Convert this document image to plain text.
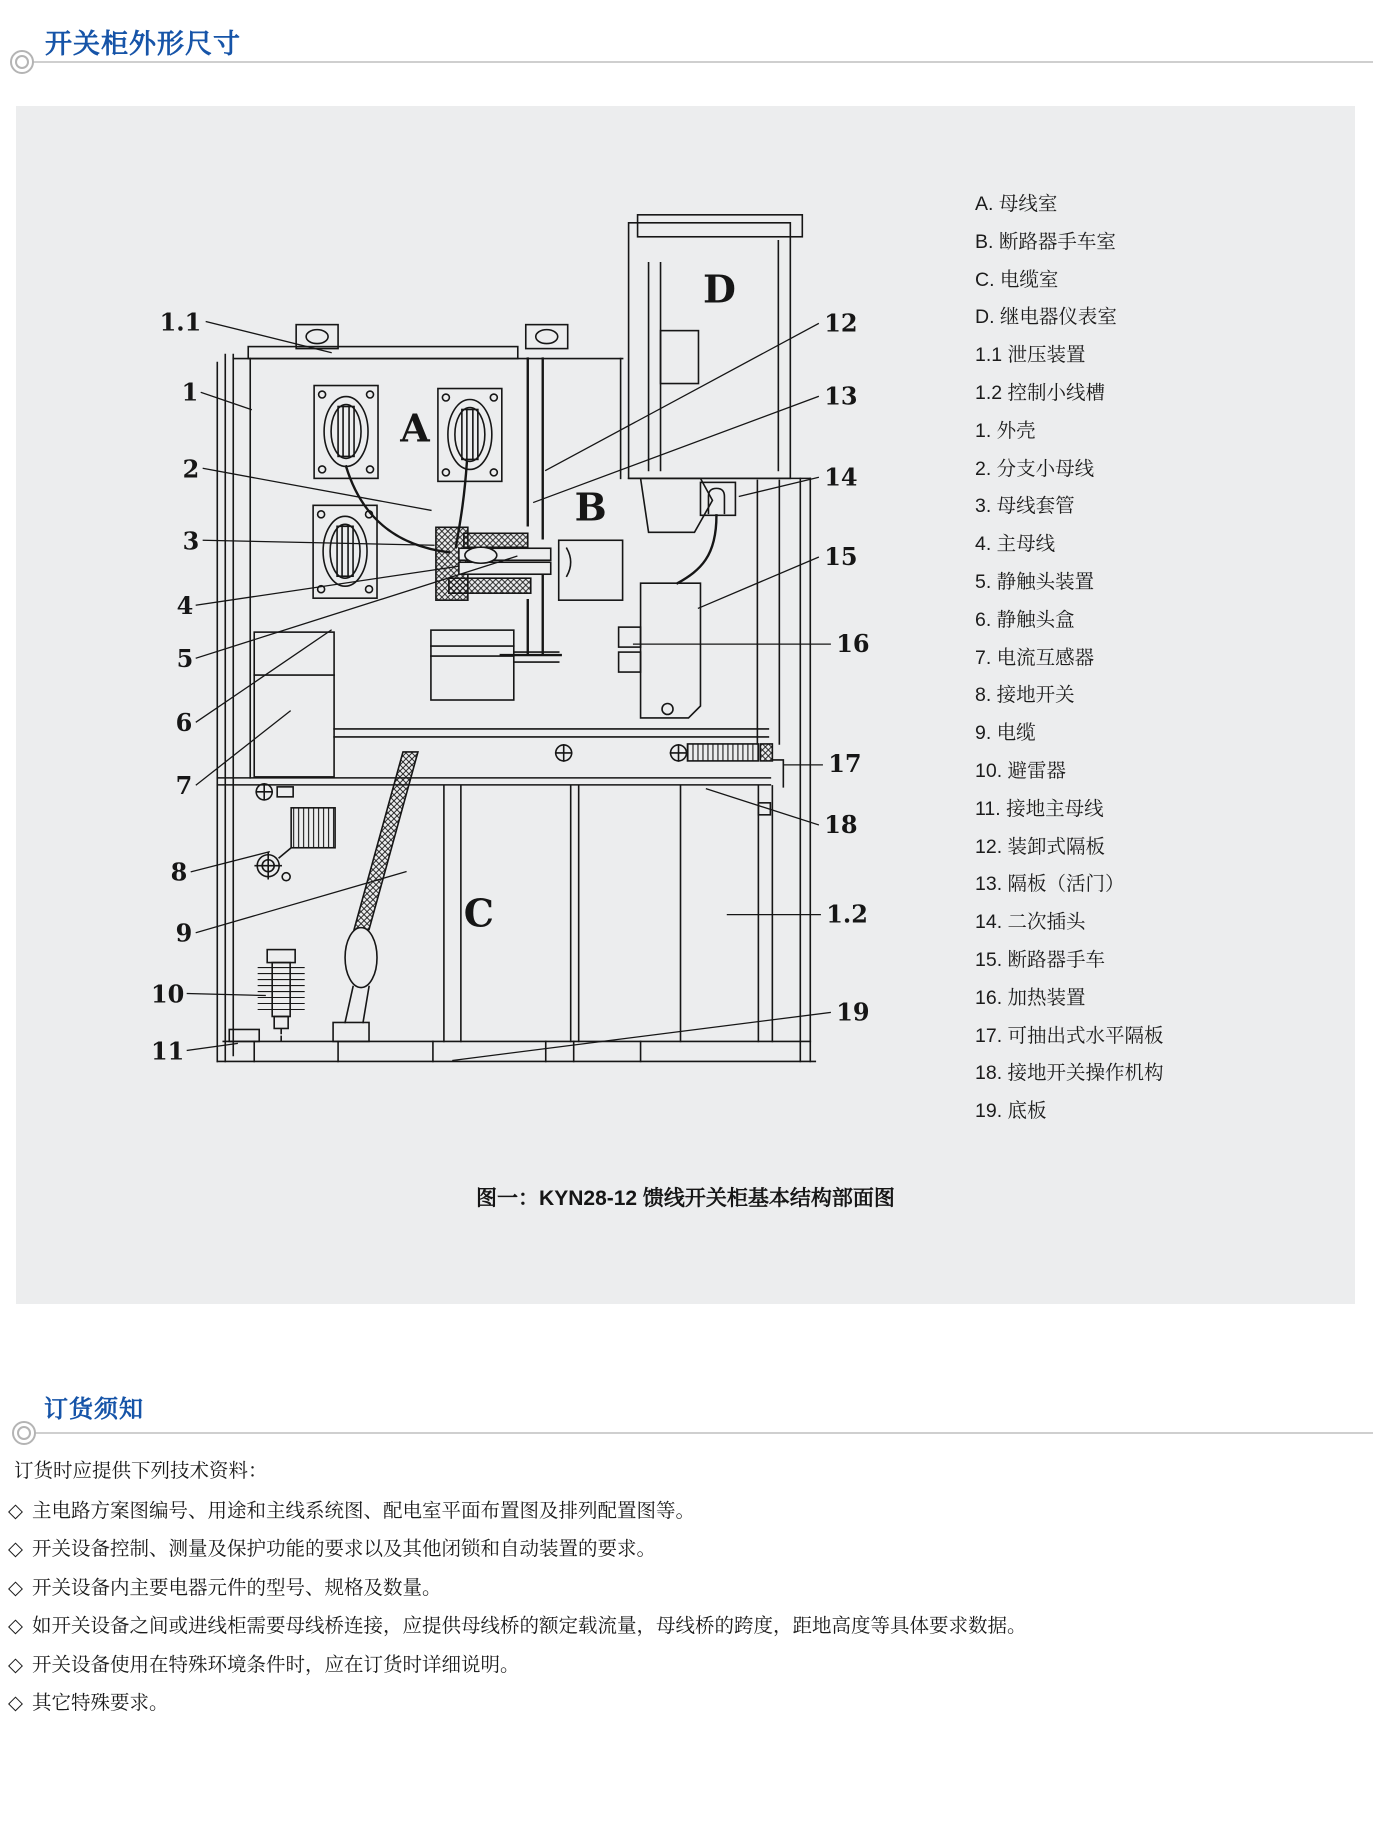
开关柜外形尺寸
1.1
1
2
3
4
5
6
7
8
9
10
11
12
13
14
15
16
17
18
1.2
19
A
B
C
D
A. 母线室
B. 断路器手车室
C. 电缆室
D. 继电器仪表室
1.1 泄压装置
1.2 控制小线槽
1. 外壳
2. 分支小母线
3. 母线套管
4. 主母线
5. 静触头装置
6. 静触头盒
7. 电流互感器
8. 接地开关
9. 电缆
10. 避雷器
11. 接地主母线
12. 装卸式隔板
13. 隔板（活门）
14. 二次插头
15. 断路器手车
16. 加热装置
17. 可抽出式水平隔板
18. 接地开关操作机构
19. 底板
图一：KYN28-12 馈线开关柜基本结构部面图
订货须知
订货时应提供下列技术资料：
◇ 主电路方案图编号、用途和主线系统图、配电室平面布置图及排列配置图等。
◇ 开关设备控制、测量及保护功能的要求以及其他闭锁和自动装置的要求。
◇ 开关设备内主要电器元件的型号、规格及数量。
◇ 如开关设备之间或进线柜需要母线桥连接，应提供母线桥的额定载流量，母线桥的跨度，距地高度等具体要求数据。
◇ 开关设备使用在特殊环境条件时，应在订货时详细说明。
◇ 其它特殊要求。
